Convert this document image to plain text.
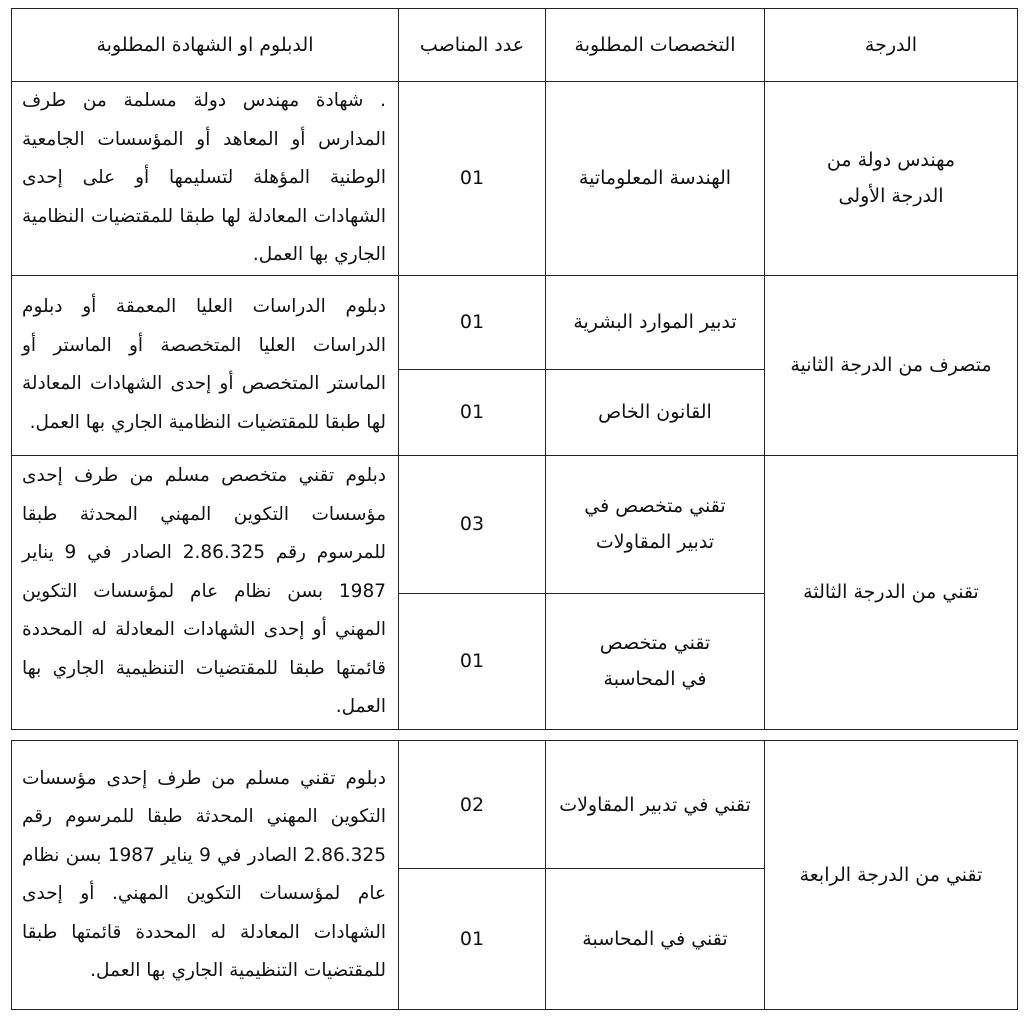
الدبلوم او الشهادة المطلوبة	عدد المناصب	التخصصات المطلوبة	الدرجة
. شهادة مهندس دولة مسلمة من طرف المدارس أو المعاهد أو المؤسسات الجامعية الوطنية المؤهلة لتسليمها أو على إحدى الشهادات المعادلة لها طبقا للمقتضيات النظامية الجاري بها العمل.	01	الهندسة المعلوماتية	مهندس دولة من الدرجة الأولى
دبلوم الدراسات العليا المعمقة أو دبلوم الدراسات العليا المتخصصة أو الماستر أو الماستر المتخصص أو إحدى الشهادات المعادلة لها طبقا للمقتضيات النظامية الجاري بها العمل.	01	تدبير الموارد البشرية	متصرف من الدرجة الثانية
	01	القانون الخاص	
دبلوم تقني متخصص مسلم من طرف إحدى مؤسسات التكوين المهني المحدثة طبقا للمرسوم رقم 2.86.325 الصادر في 9 يناير 1987 بسن نظام عام لمؤسسات التكوين المهني أو إحدى الشهادات المعادلة له المحددة قائمتها طبقا للمقتضيات التنظيمية الجاري بها العمل.	03	تقني متخصص في تدبير المقاولات	تقني من الدرجة الثالثة
	01	تقني متخصص في المحاسبة	
دبلوم تقني مسلم من طرف إحدى مؤسسات التكوين المهني المحدثة طبقا للمرسوم رقم 2.86.325 الصادر في 9 يناير 1987 بسن نظام عام لمؤسسات التكوين المهني. أو إحدى الشهادات المعادلة له المحددة قائمتها طبقا للمقتضيات التنظيمية الجاري بها العمل.	02	تقني في تدبير المقاولات	تقني من الدرجة الرابعة
	01	تقني في المحاسبة	
